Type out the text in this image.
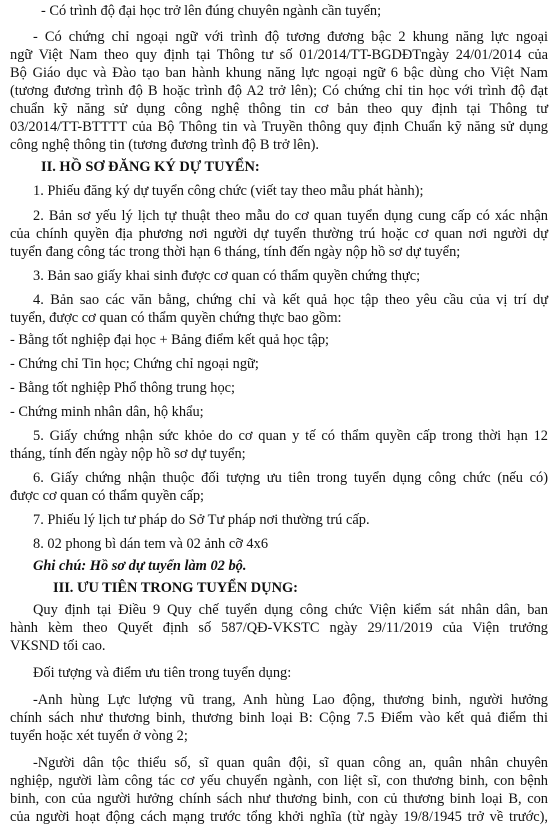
- Có trình độ đại học trở lên đúng chuyên ngành cần tuyển;
- Có chứng chỉ ngoại ngữ với trình độ tương đương bậc 2 khung năng lực ngoại
ngữ Việt Nam theo quy định tại Thông tư số 01/2014/TT-BGDĐTngày 24/01/2014 của
Bộ Giáo dục và Đào tạo ban hành khung năng lực ngoại ngữ 6 bậc dùng cho Việt Nam
(tương đương trình độ B hoặc trình độ A2 trở lên); Có chứng chỉ tin học với trình độ đạt
chuẩn kỹ năng sử dụng công nghệ thông tin cơ bản theo quy định tại Thông tư
03/2014/TT-BTTTT của Bộ Thông tin và Truyền thông quy định Chuẩn kỹ năng sử dụng
công nghệ thông tin (tương đương trình độ B trở lên).
II. HỒ SƠ ĐĂNG KÝ DỰ TUYỂN:
1. Phiếu đăng ký dự tuyển công chức (viết tay theo mẫu phát hành);
2. Bản sơ yếu lý lịch tự thuật theo mẫu do cơ quan tuyển dụng cung cấp có xác nhận
của chính quyền địa phương nơi người dự tuyển thường trú hoặc cơ quan nơi người dự
tuyển đang công tác trong thời hạn 6 tháng, tính đến ngày nộp hồ sơ dự tuyển;
3. Bản sao giấy khai sinh được cơ quan có thẩm quyền chứng thực;
4. Bản sao các văn bằng, chứng chỉ và kết quả học tập theo yêu cầu của vị trí dự
tuyển, được cơ quan có thẩm quyền chứng thực bao gồm:
- Bằng tốt nghiệp đại học + Bảng điểm kết quả học tập;
- Chứng chỉ Tin học; Chứng chỉ ngoại ngữ;
- Bằng tốt nghiệp Phổ thông trung học;
- Chứng minh nhân dân, hộ khẩu;
5. Giấy chứng nhận sức khỏe do cơ quan y tế có thẩm quyền cấp trong thời hạn 12
tháng, tính đến ngày nộp hồ sơ dự tuyển;
6. Giấy chứng nhận thuộc đối tượng ưu tiên trong tuyển dụng công chức (nếu có)
được cơ quan có thẩm quyền cấp;
7. Phiếu lý lịch tư pháp do Sở Tư pháp nơi thường trú cấp.
8. 02 phong bì dán tem và 02 ảnh cỡ 4x6
Ghi chú: Hồ sơ dự tuyển làm 02 bộ.
III. ƯU TIÊN TRONG TUYỂN DỤNG:
Quy định tại Điều 9 Quy chế tuyển dụng công chức Viện kiểm sát nhân dân, ban
hành kèm theo Quyết định số 587/QĐ-VKSTC ngày 29/11/2019 của Viện trưởng
VKSND tối cao.
Đối tượng và điểm ưu tiên trong tuyển dụng:
-Anh hùng Lực lượng vũ trang, Anh hùng Lao động, thương binh, người hưởng
chính sách như thương binh, thương binh loại B: Cộng 7.5 Điểm vào kết quả điểm thi
tuyển hoặc xét tuyển ở vòng 2;
-Người dân tộc thiểu số, sĩ quan quân đội, sĩ quan công an, quân nhân chuyên
nghiệp, người làm công tác cơ yếu chuyển ngành, con liệt sĩ, con thương binh, con bệnh
binh, con của người hưởng chính sách như thương binh, con củ thương binh loại B, con
của người hoạt động cách mạng trước tổng khởi nghĩa (từ ngày 19/8/1945 trở về trước),
